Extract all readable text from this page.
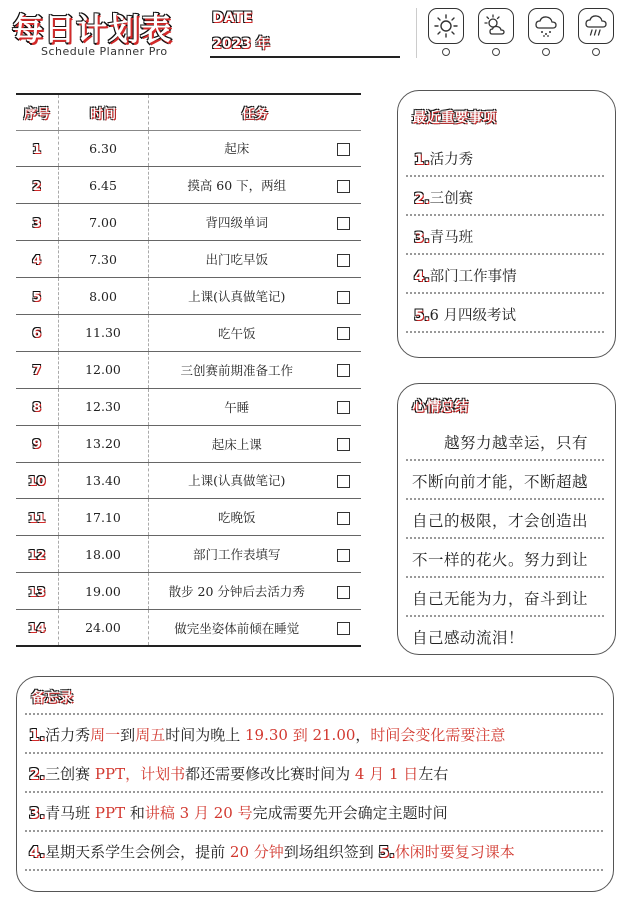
每日计划表
Schedule Planner Pro
DATE
2023 年
序号	时间	任务	
1	6.30	起床	
2	6.45	摸高 60 下，两组	
3	7.00	背四级单词	
4	7.30	出门吃早饭	
5	8.00	上课(认真做笔记)	
6	11.30	吃午饭	
7	12.00	三创赛前期准备工作	
8	12.30	午睡	
9	13.20	起床上课	
10	13.40	上课(认真做笔记)	
11	17.10	吃晚饭	
12	18.00	部门工作表填写	
13	19.00	散步 20 分钟后去活力秀	
14	24.00	做完坐姿体前倾在睡觉	
最近重要事项
1.活力秀
2.三创赛
3.青马班
4.部门工作事情
5.6 月四级考试
心情总结
　　越努力越幸运，只有
不断向前才能，不断超越
自己的极限，才会创造出
不一样的花火。努力到让
自己无能为力，奋斗到让
自己感动流泪！
备忘录
1.活力秀周一到周五时间为晚上 19.30 到 21.00，时间会变化需要注意
2.三创赛 PPT，计划书都还需要修改比赛时间为 4 月 1 日左右
3.青马班 PPT 和讲稿 3 月 20 号完成需要先开会确定主题时间
4.星期天系学生会例会，提前 20 分钟到场组织签到 5.休闲时要复习课本
